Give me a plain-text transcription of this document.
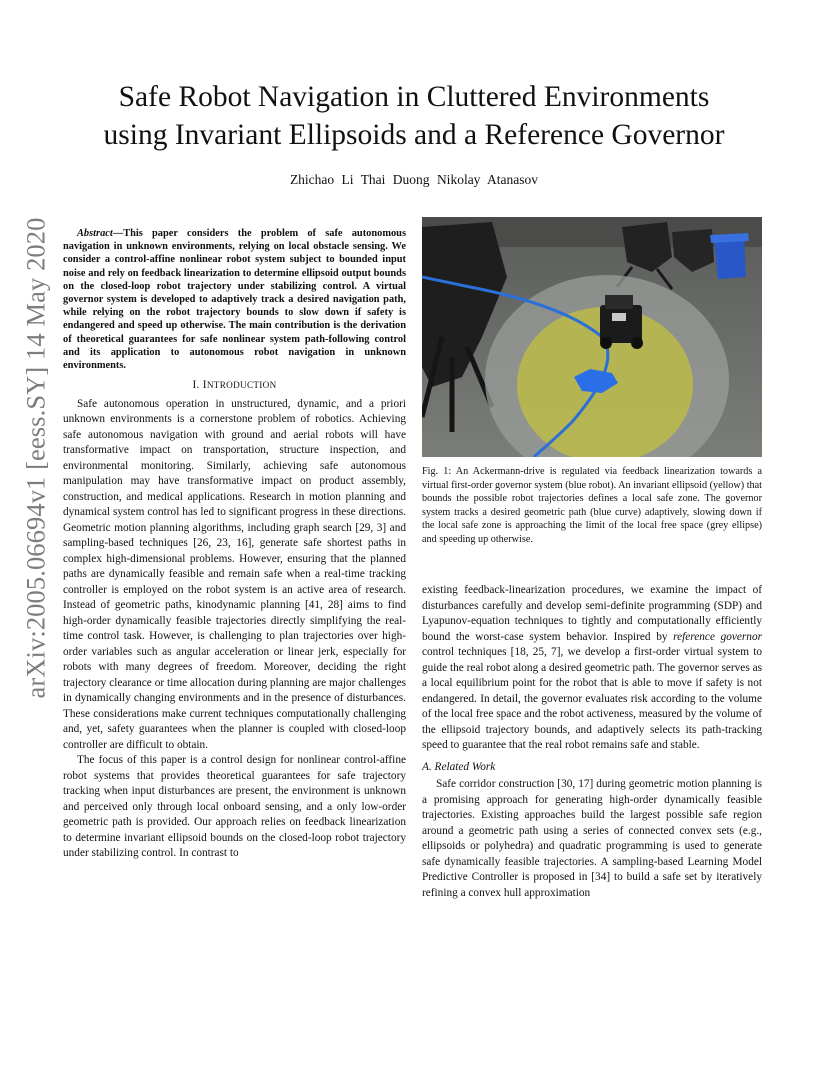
arXiv:2005.06694v1 [eess.SY] 14 May 2020
Safe Robot Navigation in Cluttered Environments
using Invariant Ellipsoids and a Reference Governor
Zhichao Li Thai Duong Nikolay Atanasov

Abstract—This paper considers the problem of safe autonomous navigation in unknown environments, relying on local obstacle sensing. We consider a control-affine nonlinear robot system subject to bounded input noise and rely on feedback linearization to determine ellipsoid output bounds on the closed-loop robot trajectory under stabilizing control. A virtual governor system is developed to adaptively track a desired navigation path, while relying on the robot trajectory bounds to slow down if safety is endangered and speed up otherwise. The main contribution is the derivation of theoretical guarantees for safe nonlinear system path-following control and its application to autonomous robot navigation in unknown environments.

I. INTRODUCTION

Safe autonomous operation in unstructured, dynamic, and a priori unknown environments is a cornerstone problem of robotics. Achieving safe autonomous navigation with ground and aerial robots will have transformative impact on transportation, structure inspection, and environmental monitoring. Similarly, achieving safe autonomous manipulation may have transformative impact on product assembly, construction, and medical applications. Research in motion planning and dynamical system control has led to significant progress in these directions. Geometric motion planning algorithms, including graph search [29, 3] and sampling-based techniques [26, 23, 16], generate safe shortest paths in complex high-dimensional problems. However, ensuring that the planned paths are dynamically feasible and remain safe when a real-time tracking controller is employed on the robot system is an active area of research. Instead of geometric paths, kinodynamic planning [41, 28] aims to find high-order dynamically feasible trajectories directly simplifying the real-time control task. However, is challenging to plan trajectories over high-order variables such as angular acceleration or linear jerk, especially for robots with many degrees of freedom. Moreover, deciding the right trajectory clearance or time allocation during planning are major challenges in dynamically changing environments and in the presence of disturbances. These considerations make current techniques computationally challenging and, yet, safety guarantees when the planner is coupled with closed-loop controller are difficult to obtain.

The focus of this paper is a control design for nonlinear control-affine robot systems that provides theoretical guarantees for safe trajectory tracking when input disturbances are present, the environment is unknown and perceived only through local onboard sensing, and a only low-order geometric path is provided. Our approach relies on feedback linearization to determine invariant ellipsoid bounds on the closed-loop robot trajectory under stabilizing control. In contrast to

Fig. 1: An Ackermann-drive is regulated via feedback linearization towards a virtual first-order governor system (blue robot). An invariant ellipsoid (yellow) that bounds the possible robot trajectories defines a local safe zone. The governor system tracks a desired geometric path (blue curve) adaptively, slowing down if the local safe zone is approaching the limit of the local free space (grey ellipse) and speeding up otherwise.

existing feedback-linearization procedures, we examine the impact of disturbances carefully and develop semi-definite programming (SDP) and Lyapunov-equation techniques to tightly and computationally efficiently bound the worst-case system behavior. Inspired by reference governor control techniques [18, 25, 7], we develop a first-order virtual system to guide the real robot along a desired geometric path. The governor serves as a local equilibrium point for the robot that is able to move if safety is not endangered. In detail, the governor evaluates risk according to the volume of the local free space and the robot activeness, measured by the volume of the ellipsoid trajectory bounds, and adaptively selects its path-tracking speed to guarantee that the real robot remains safe and stable.

A. Related Work

Safe corridor construction [30, 17] during geometric motion planning is a promising approach for generating high-order dynamically feasible trajectories. Existing approaches build the largest possible safe region around a geometric path using a series of connected convex sets (e.g., ellipsoids or polyhedra) and quadratic programming is used to generate safe dynamically feasible trajectories. A sampling-based Learning Model Predictive Controller is proposed in [34] to build a safe set by iteratively refining a convex hull approximation
